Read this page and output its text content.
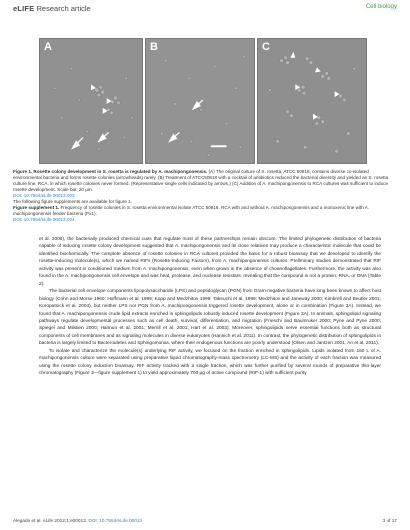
eLIFE Research article	Cell biology
A	B	C
Figure 1. Rosette colony development in S. rosetta is regulated by A. machipongonensis. (A) The original culture of S. rosetta, ATCC 50818, contains diverse co-isolated environmental bacteria and forms rosette colonies (arrowheads) rarely. (B) Treatment of ATCC50818 with a cocktail of antibiotics reduced the bacterial diversity and yielded an S. rosetta culture line, RCA, in which rosette colonies never formed. (Representative single cells indicated by arrows.) (C) Addition of A. machipongonensis to RCA cultures was sufficient to induce rosette development. Scale bar, 20 μm.
DOI: 10.7554/eLife.00013.003
The following figure supplements are available for figure 1.
Figure supplement 1. Frequency of rosette colonies in S. rosetta environmental isolate ATCC 50818, RCA with and without A. machipongonensis and a monoxenic line with A. machipongonensis feeder bacteria (Px1).
DOI: 10.7554/eLife.00013.004

et al. 2008), the bacterially produced chemical cues that regulate most of these partnerships remain obscure. The limited phylogenetic distribution of bacteria capable of inducing rosette colony development suggested that A. machipongonensis and its close relatives may produce a characteristic molecule that could be identified biochemically. The complete absence of rosette colonies in RCA cultures provided the basis for a robust bioassay that we developed to identify the rosette-inducing molecule(s), which we named RIFs (Rosette-Inducing Factors), from A. machipongonensis cultures. Preliminary studies demonstrated that RIF activity was present in conditioned medium from A. machipongonensis, even when grown in the absence of choanoflagellates. Furthermore, the activity was also found in the A. machipongonensis cell envelope and was heat, protease, and nuclease resistant, revealing that the compound is not a protein, RNA, or DNA (Table 2).

The bacterial cell envelope components lipopolysaccharide (LPS) and peptidoglycan (PGN) from Gram-negative bacteria have long been known to affect host biology (Cohn and Morse 1960; Hoffmann et al. 1999; Kopp and Medzhitov 1999; Takeuchi et al. 1999; Medzhitov and Janeway 2000; Kimbrell and Beutler 2001; Koropatnick et al. 2004), but neither LPS nor PGN from A. machipongonensis triggered rosette development, alone or in combination (Figure 3A). Instead, we found that A. machipongonensis crude lipid extracts enriched in sphingolipids robustly induced rosette development (Figure 3A). In animals, sphingolipid signaling pathways regulate developmental processes such as cell death, survival, differentiation, and migration (Frieschi and Baumruker 2000; Pyne and Pyne 2000; Spiegel and Milstien 2000; Hannun et al. 2001; Merrill et al. 2001; Hart et al. 2003). Moreover, sphingolipids serve essential functions both as structural components of cell membranes and as signaling molecules in diverse eukaryotes (Hannich et al. 2011). In contrast, the phylogenetic distribution of sphingolipids in bacteria is largely limited to Bacteroidetes and Sphingomonas, where their endogenous functions are poorly understood (Olsen and Jantzen 2001; An et al. 2011).

To isolate and characterize the molecule(s) underlying RIF activity, we focused on the fraction enriched in sphingolipids. Lipids isolated from 160 L of A. machipongonensis culture were separated using preparative liquid chromatography-mass spectrometry (LC-MS) and the activity of each fraction was measured using the rosette colony induction bioassay. RIF activity tracked with a single fraction, which was further purified by several rounds of preparative thin-layer chromatography (Figure 3—figure supplement 1) to yield approximately 700 μg of active compound (RIF-1) with sufficient purity

Alegado et al. eLife 2012;1:e00013. DOI: 10.7554/eLife.00013	3 of 17
